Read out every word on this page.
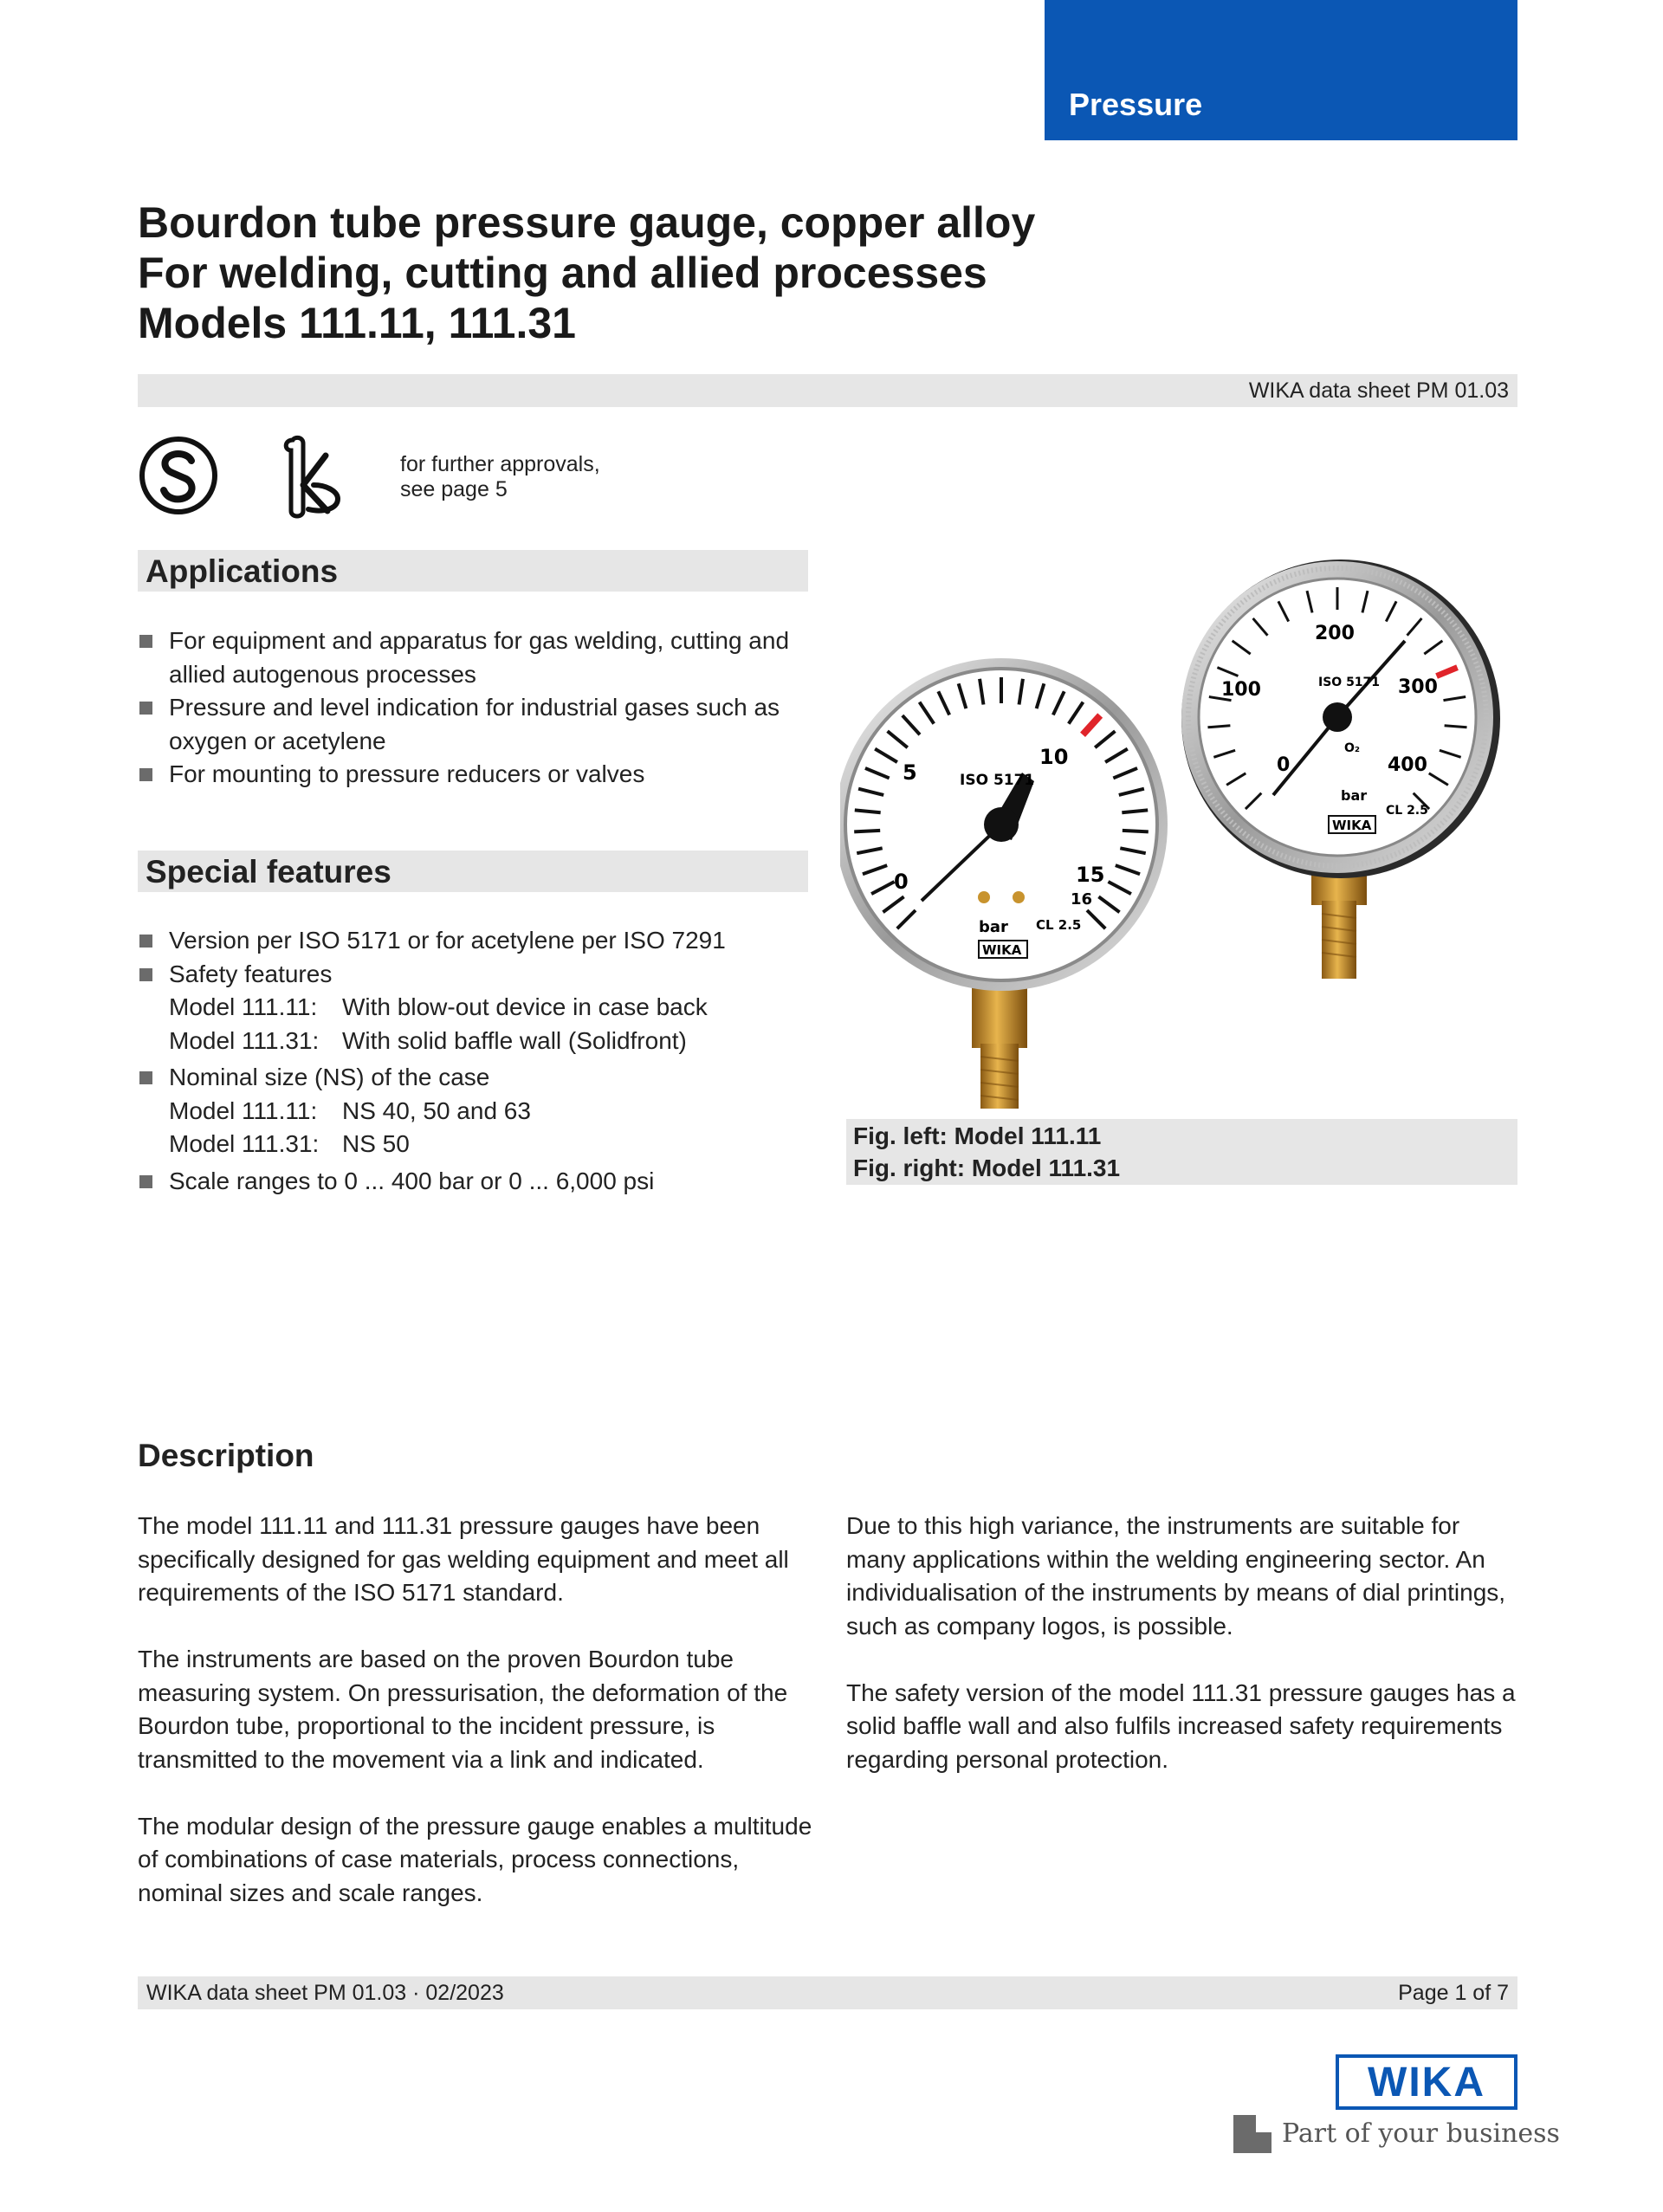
Pressure
Bourdon tube pressure gauge, copper alloy
For welding, cutting and allied processes
Models 111.11, 111.31
WIKA data sheet PM 01.03
for further approvals,
see page 5
Applications
For equipment and apparatus for gas welding, cutting and allied autogenous processes
Pressure and level indication for industrial gases such as oxygen or acetylene
For mounting to pressure reducers or valves
Special features
Version per ISO 5171 or for acetylene per ISO 7291
Safety features
Model 111.11:	With blow-out device in case back
Model 111.31: With solid baffle wall (Solidfront)
Nominal size (NS) of the case
Model 111.11:	NS 40, 50 and 63
Model 111.31: NS 50
Scale ranges to 0 ... 400 bar or 0 ... 6,000 psi
200
100	300
0	400
ISO 5171
O₂
bar
CL 2.5
WIKA
5
0
10
15
16
ISO 5171
bar CL 2.5
WIKA
Fig. left: Model 111.11
Fig. right: Model 111.31
Description

The model 111.11 and 111.31 pressure gauges have been specifically designed for gas welding equipment and meet all requirements of the ISO 5171 standard.

The instruments are based on the proven Bourdon tube measuring system. On pressurisation, the deformation of the Bourdon tube, proportional to the incident pressure, is transmitted to the movement via a link and indicated.

The modular design of the pressure gauge enables a multitude of combinations of case materials, process connections, nominal sizes and scale ranges.

Due to this high variance, the instruments are suitable for many applications within the welding engineering sector. An individualisation of the instruments by means of dial printings, such as company logos, is possible.

The safety version of the model 111.31 pressure gauges has a solid baffle wall and also fulfils increased safety requirements regarding personal protection.

WIKA data sheet PM 01.03 · 02/2023	Page 1 of 7
WIKA
Part of your business
